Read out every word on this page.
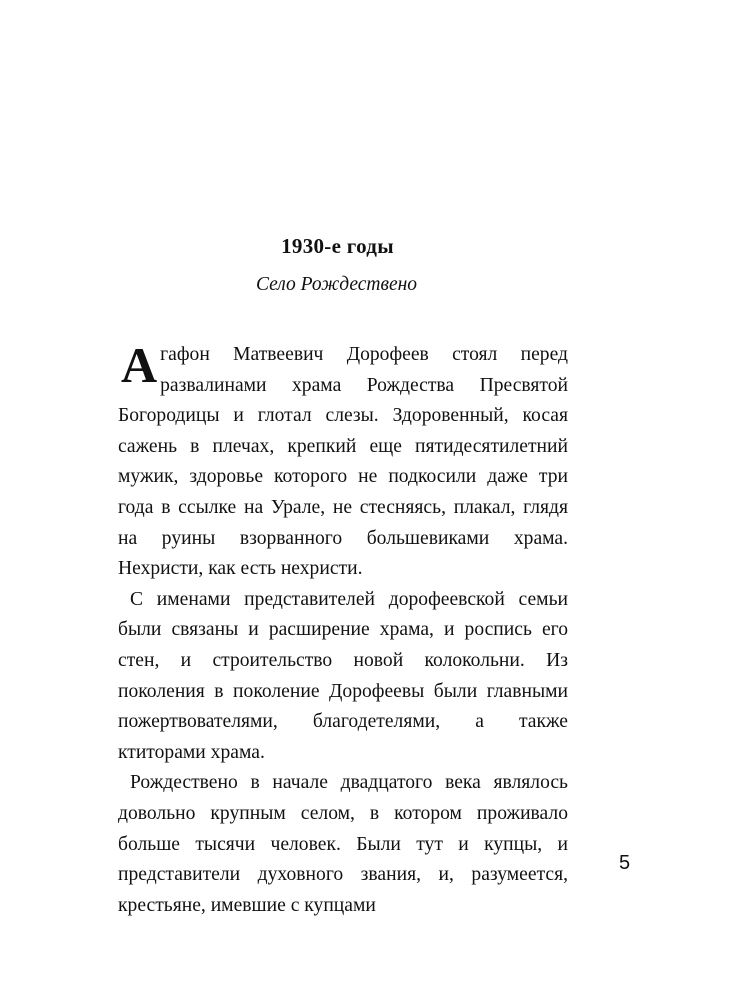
1930-е годы
Село Рождествено

Агафон Матвеевич Дорофеев стоял перед развалинами храма Рождества Пресвятой Богородицы и глотал слезы. Здоровенный, косая сажень в плечах, крепкий еще пятидесятилетний мужик, здоровье которого не подкосили даже три года в ссылке на Урале, не стесняясь, плакал, глядя на руины взорванного большевиками храма. Нехристи, как есть нехристи.

С именами представителей дорофеевской семьи были связаны и расширение храма, и роспись его стен, и строительство новой колокольни. Из поколения в поколение Дорофеевы были главными пожертвователями, благодетелями, а также ктиторами храма.

Рождествено в начале двадцатого века являлось довольно крупным селом, в котором проживало больше тысячи человек. Были тут и купцы, и представители духовного звания, и, разумеется, крестьяне, имевшие с купцами

5
